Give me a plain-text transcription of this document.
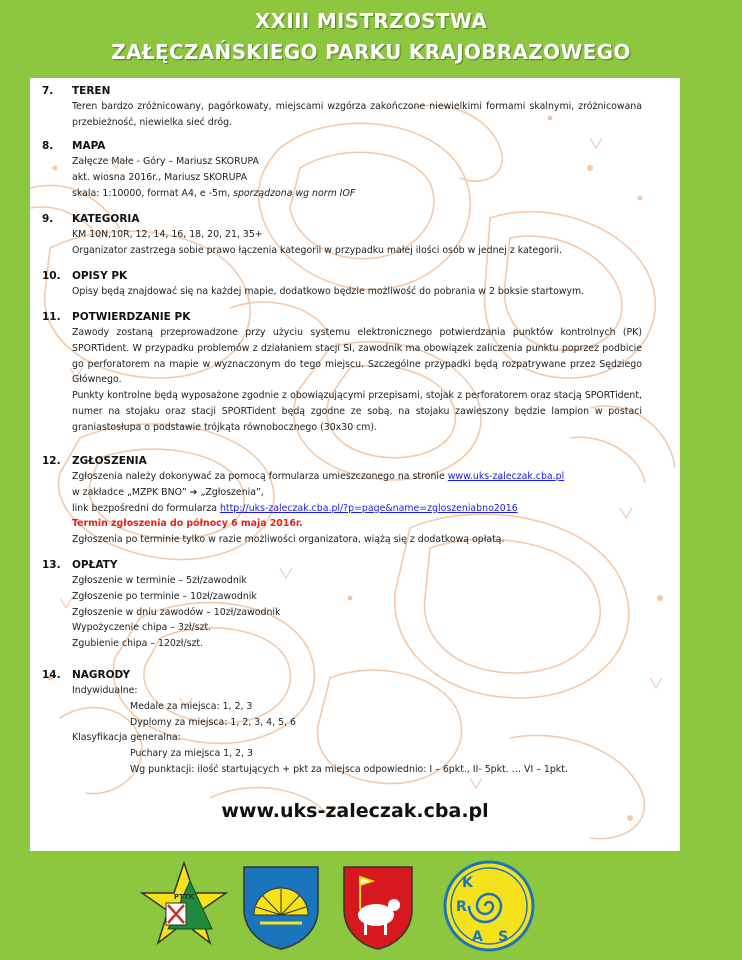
XXIII MISTRZOSTWA
ZAŁĘCZAŃSKIEGO PARKU KRAJOBRAZOWEGO
7. TEREN
Teren bardzo zróżnicowany, pagórkowaty, miejscami wzgórza zakończone niewielkimi formami skalnymi, zróżnicowana przebieżność, niewielka sieć dróg.
8. MAPA
Załęcze Małe - Góry – Mariusz SKORUPA
akt. wiosna 2016r., Mariusz SKORUPA
skala: 1:10000, format A4, e -5m, sporządzona wg norm IOF
9. KATEGORIA
KM 10N,10R, 12, 14, 16, 18, 20, 21, 35+
Organizator zastrzega sobie prawo łączenia kategorii w przypadku małej ilości osób w jednej z kategorii.
10. OPISY PK
Opisy będą znajdować się na każdej mapie, dodatkowo będzie możliwość do pobrania w 2 boksie startowym.
11. POTWIERDZANIE PK
Zawody zostaną przeprowadzone przy użyciu systemu elektronicznego potwierdzania punktów kontrolnych (PK) SPORTident. W przypadku problemów z działaniem stacji SI, zawodnik ma obowiązek zaliczenia punktu poprzez podbicie go perforatorem na mapie w wyznaczonym do tego miejscu. Szczególne przypadki będą rozpatrywane przez Sędziego Głównego.
Punkty kontrolne będą wyposażone zgodnie z obowiązującymi przepisami, stojak z perforatorem oraz stacją SPORTident, numer na stojaku oraz stacji SPORTident będą zgodne ze sobą, na stojaku zawieszony będzie lampion w postaci graniastosłupa o podstawie trójkąta równobocznego (30x30 cm).
12. ZGŁOSZENIA
Zgłoszenia należy dokonywać za pomocą formularza umieszczonego na stronie www.uks-zaleczak.cba.pl
w zakładce „MZPK BNO” ➔ „Zgłoszenia”,
link bezpośredni do formularza http://uks-zaleczak.cba.pl/?p=page&name=zgloszeniabno2016
Termin zgłoszenia do północy 6 maja 2016r.
Zgłoszenia po terminie tylko w razie możliwości organizatora, wiążą się z dodatkową opłatą.
13. OPŁATY
Zgłoszenie w terminie – 5zł/zawodnik
Zgłoszenie po terminie – 10zł/zawodnik
Zgłoszenie w dniu zawodów – 10zł/zawodnik
Wypożyczenie chipa – 3zł/szt.
Zgubienie chipa – 120zł/szt.
14. NAGRODY
Indywidualne:
Medale za miejsca: 1, 2, 3
Dyplomy za miejsca: 1, 2, 3, 4, 5, 6
Klasyfikacja generalna:
Puchary za miejsca 1, 2, 3
Wg punktacji: ilość startujących + pkt za miejsca odpowiednio: I – 6pkt., II- 5pkt. … VI – 1pkt.
www.uks-zaleczak.cba.pl
PTTK
K
R
A S
